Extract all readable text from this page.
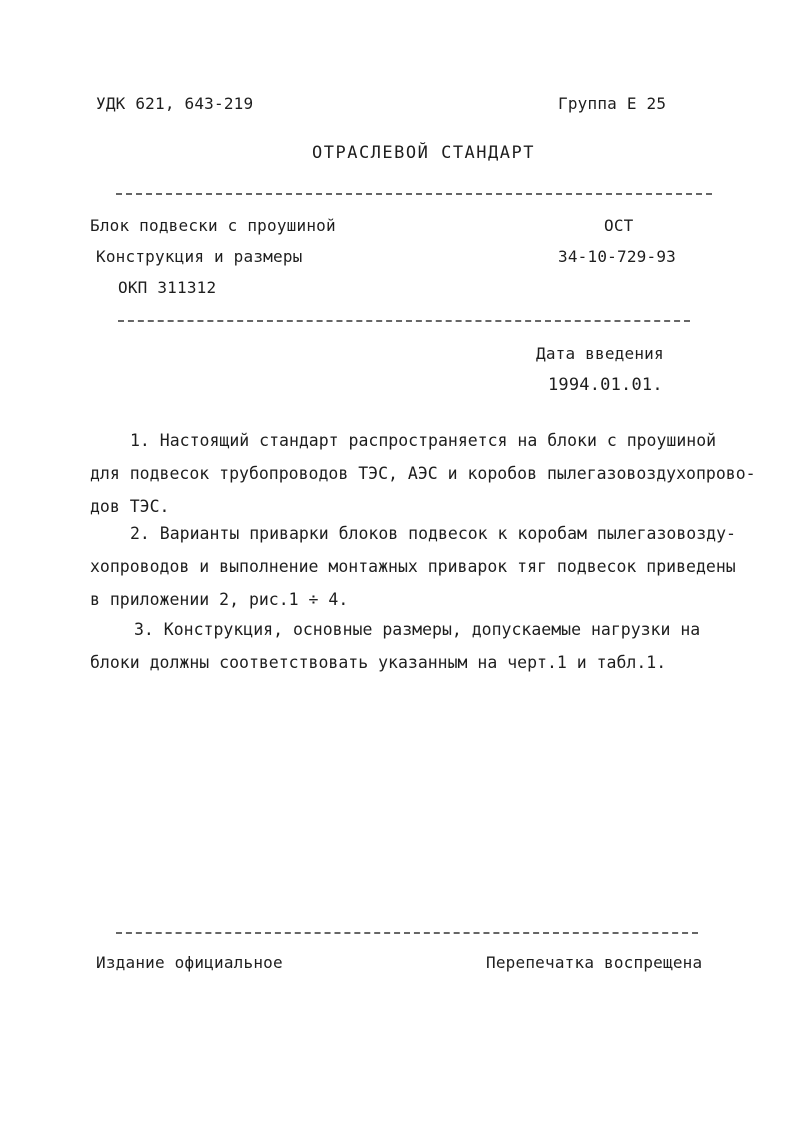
УДК 621, 643-219	Группа Е 25
ОТРАСЛЕВОЙ СТАНДАРТ
Блок подвески с проушиной
Конструкция и размеры
ОКП 311312
ОСТ
34-10-729-93
Дата введения
1994.01.01.
1. Настоящий стандарт распространяется на блоки с проушиной
для подвесок трубопроводов ТЭС, АЭС и коробов пылегазовоздухопрово-
дов ТЭС.
2. Варианты приварки блоков подвесок к коробам пылегазовозду-
хопроводов и выполнение монтажных приварок тяг подвесок приведены
в приложении 2, рис.1 ÷ 4.
3. Конструкция, основные размеры, допускаемые нагрузки на
блоки должны соответствовать указанным на черт.1 и табл.1.
Издание официальное	Перепечатка воспрещена
